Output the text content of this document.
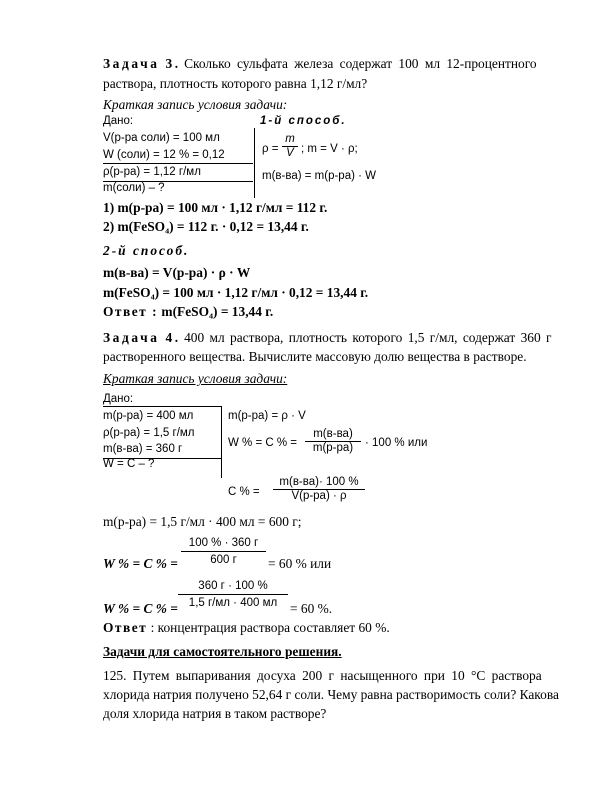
Задача 3. Сколько сульфата железа содержат 100 мл 12-процентного
раствора, плотность которого равна 1,12 г/мл?
Краткая запись условия задачи:
Дано:	1-й способ.
V(р-ра соли) = 100 мл
W (соли) = 12 % = 0,12
ρ(р-ра) = 1,12 г/мл
m(соли) – ?
$\rho = \frac{m}{V}$ ; m = V · ρ;
m(в-ва) = m(р-ра) · W
1) m(р-ра) = 100 мл · 1,12 г/мл = 112 г.
2) m(FeSO₄) = 112 г. · 0,12 = 13,44 г.
2-й способ.
m(в-ва) = V(р-ра) · ρ · W
m(FeSO₄) = 100 мл · 1,12 г/мл · 0,12 = 13,44 г.
Ответ : m(FeSO₄) = 13,44 г.
Задача 4. 400 мл раствора, плотность которого 1,5 г/мл, содержат 360 г
растворенного вещества. Вычислите массовую долю вещества в растворе.
Краткая запись условия задачи:
Дано:
m(р-ра) = 400 мл
ρ(р-ра) = 1,5 г/мл
m(в-ва) = 360 г
W = C – ?
m(р-ра) = ρ · V
W % = C % =
m(в-ва)
m(р-ра)	· 100 % или
C % =
m(в-ва)· 100 %
V(р-ра) · ρ
m(р-ра) = 1,5 г/мл · 400 мл = 600 г;
W % = C % =
100 % · 360 г
600 г	= 60 % или
W % = C % =
360 г · 100 %
1,5 г/мл · 400 мл = 60 %.
Ответ : концентрация раствора составляет 60 %.
Задачи для самостоятельного решения.
125. Путем выпаривания досуха 200 г насыщенного при 10 °С раствора
хлорида натрия получено 52,64 г соли. Чему равна растворимость соли? Какова
доля хлорида натрия в таком растворе?
